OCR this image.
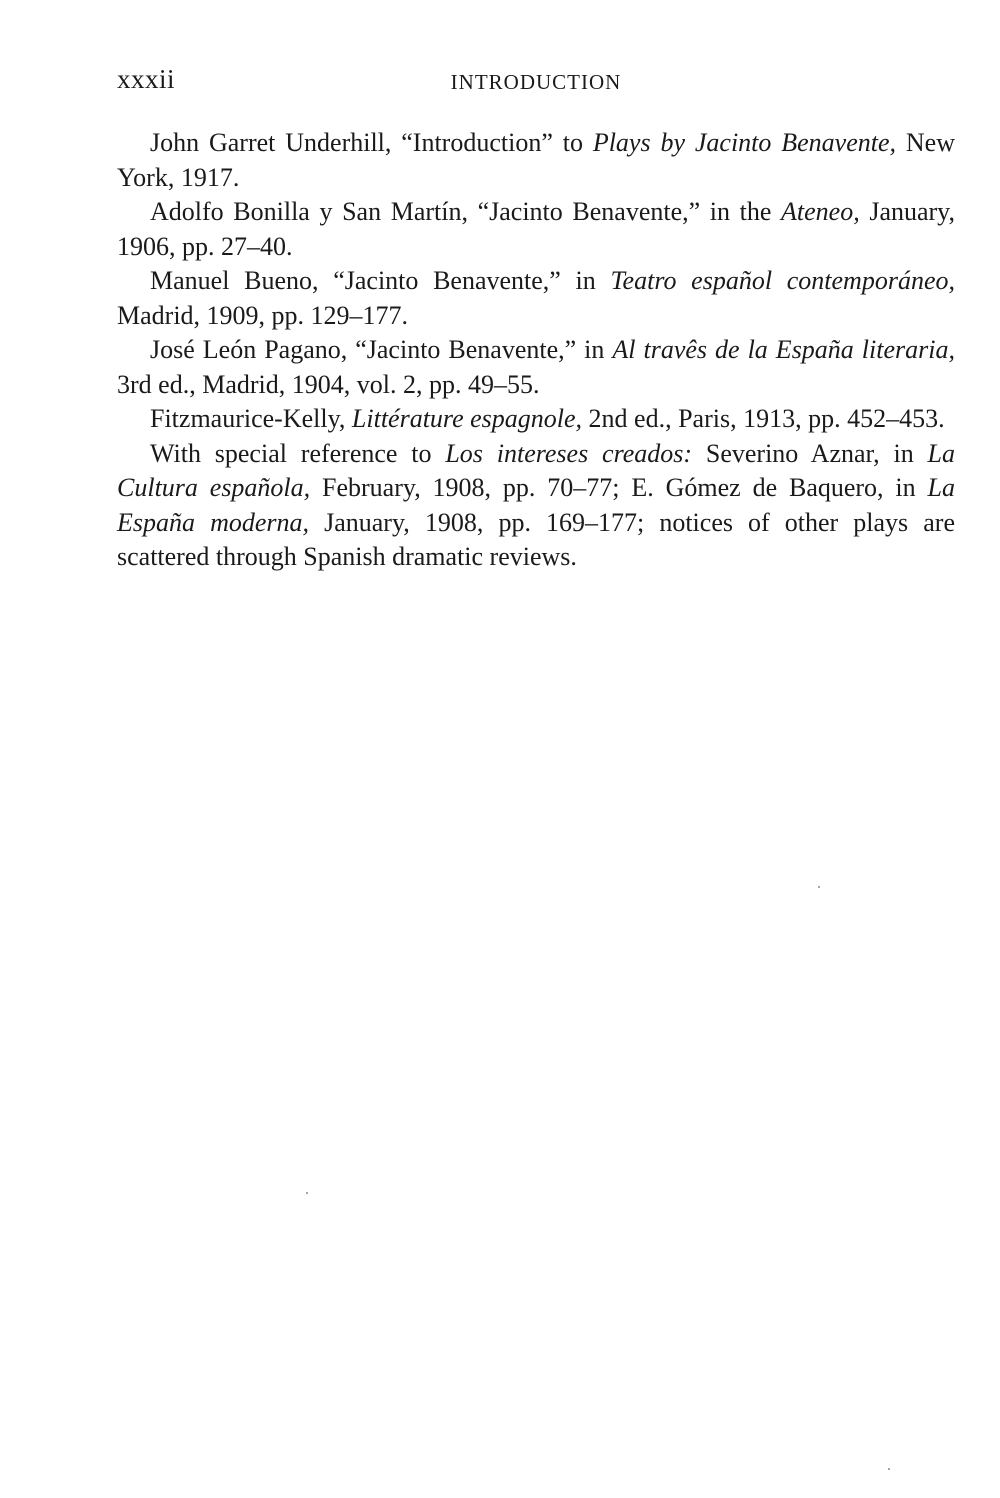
xxxii	INTRODUCTION

John Garret Underhill, “Introduction” to Plays by Jacinto Benavente, New York, 1917.

Adolfo Bonilla y San Martín, “Jacinto Benavente,” in the Ateneo, January, 1906, pp. 27–40.

Manuel Bueno, “Jacinto Benavente,” in Teatro español contemporáneo, Madrid, 1909, pp. 129–177.

José León Pagano, “Jacinto Benavente,” in Al travês de la España literaria, 3rd ed., Madrid, 1904, vol. 2, pp. 49–55.

Fitzmaurice-Kelly, Littérature espagnole, 2nd ed., Paris, 1913, pp. 452–453.

With special reference to Los intereses creados: Severino Aznar, in La Cultura española, February, 1908, pp. 70–77; E. Gómez de Baquero, in La España moderna, January, 1908, pp. 169–177; notices of other plays are scattered through Spanish dramatic reviews.
